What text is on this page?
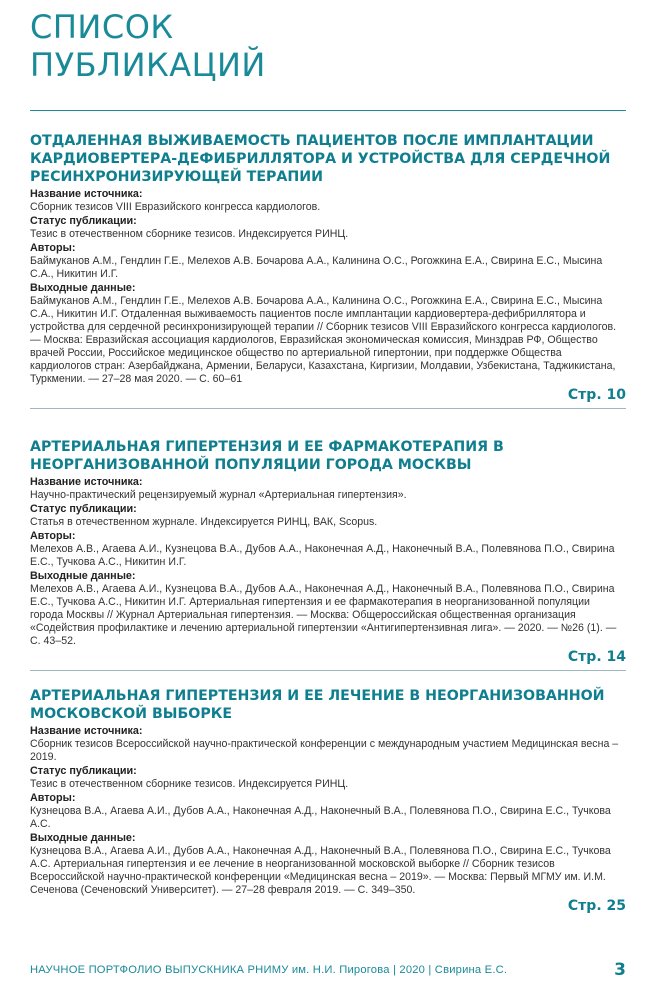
СПИСОК
ПУБЛИКАЦИЙ
ОТДАЛЕННАЯ ВЫЖИВАЕМОСТЬ ПАЦИЕНТОВ ПОСЛЕ ИМПЛАНТАЦИИ КАРДИОВЕРТЕРА-ДЕФИБРИЛЛЯТОРА И УСТРОЙСТВА ДЛЯ СЕРДЕЧНОЙ РЕСИНХРОНИЗИРУЮЩЕЙ ТЕРАПИИ
Название источника:
Сборник тезисов VIII Евразийского конгресса кардиологов.
Статус публикации:
Тезис в отечественном сборнике тезисов. Индексируется РИНЦ.
Авторы:
Баймуканов А.М., Гендлин Г.Е., Мелехов А.В. Бочарова А.А., Калинина О.С., Рогожкина Е.А., Свирина Е.С., Мысина С.А., Никитин И.Г.
Выходные данные:
Баймуканов А.М., Гендлин Г.Е., Мелехов А.В. Бочарова А.А., Калинина О.С., Рогожкина Е.А., Свирина Е.С., Мысина С.А., Никитин И.Г. Отдаленная выживаемость пациентов после имплантации кардиовертера-дефибриллятора и устройства для сердечной ресинхронизирующей терапии // Сборник тезисов VIII Евразийского конгресса кардиологов. — Москва: Евразийская ассоциация кардиологов, Евразийская экономическая комиссия, Минздрав РФ, Общество врачей России, Российское медицинское общество по артериальной гипертонии, при поддержке Общества кардиологов стран: Азербайджана, Армении, Беларуси, Казахстана, Киргизии, Молдавии, Узбекистана, Таджикистана, Туркмении. — 27–28 мая 2020. — С. 60–61
Стр. 10
АРТЕРИАЛЬНАЯ ГИПЕРТЕНЗИЯ И ЕЕ ФАРМАКОТЕРАПИЯ В НЕОРГАНИЗОВАННОЙ ПОПУЛЯЦИИ ГОРОДА МОСКВЫ
Название источника:
Научно-практический рецензируемый журнал «Артериальная гипертензия».
Статус публикации:
Статья в отечественном журнале. Индексируется РИНЦ, ВАК, Scopus.
Авторы:
Мелехов А.В., Агаева А.И., Кузнецова В.А., Дубов А.А., Наконечная А.Д., Наконечный В.А., Полевянова П.О., Свирина Е.С., Тучкова А.С., Никитин И.Г.
Выходные данные:
Мелехов А.В., Агаева А.И., Кузнецова В.А., Дубов А.А., Наконечная А.Д., Наконечный В.А., Полевянова П.О., Свирина Е.С., Тучкова А.С., Никитин И.Г. Артериальная гипертензия и ее фармакотерапия в неорганизованной популяции города Москвы // Журнал Артериальная гипертензия. — Москва: Общероссийская общественная организация «Содействия профилактике и лечению артериальной гипертензии «Антигипертензивная лига». — 2020. — №26 (1). — С. 43–52.
Стр. 14
АРТЕРИАЛЬНАЯ ГИПЕРТЕНЗИЯ И ЕЕ ЛЕЧЕНИЕ В НЕОРГАНИЗОВАННОЙ МОСКОВСКОЙ ВЫБОРКЕ
Название источника:
Сборник тезисов Всероссийской научно-практической конференции с международным участием Медицинская весна – 2019.
Статус публикации:
Тезис в отечественном сборнике тезисов. Индексируется РИНЦ.
Авторы:
Кузнецова В.А., Агаева А.И., Дубов А.А., Наконечная А.Д., Наконечный В.А., Полевянова П.О., Свирина Е.С., Тучкова А.С.
Выходные данные:
Кузнецова В.А., Агаева А.И., Дубов А.А., Наконечная А.Д., Наконечный В.А., Полевянова П.О., Свирина Е.С., Тучкова А.С. Артериальная гипертензия и ее лечение в неорганизованной московской выборке // Сборник тезисов Всероссийской научно-практической конференции «Медицинская весна – 2019». — Москва: Первый МГМУ им. И.М. Сеченова (Сеченовский Университет). — 27–28 февраля 2019. — С. 349–350.
Стр. 25
НАУЧНОЕ ПОРТФОЛИО ВЫПУСКНИКА РНИМУ им. Н.И. Пирогова | 2020 | Свирина Е.С.	3
